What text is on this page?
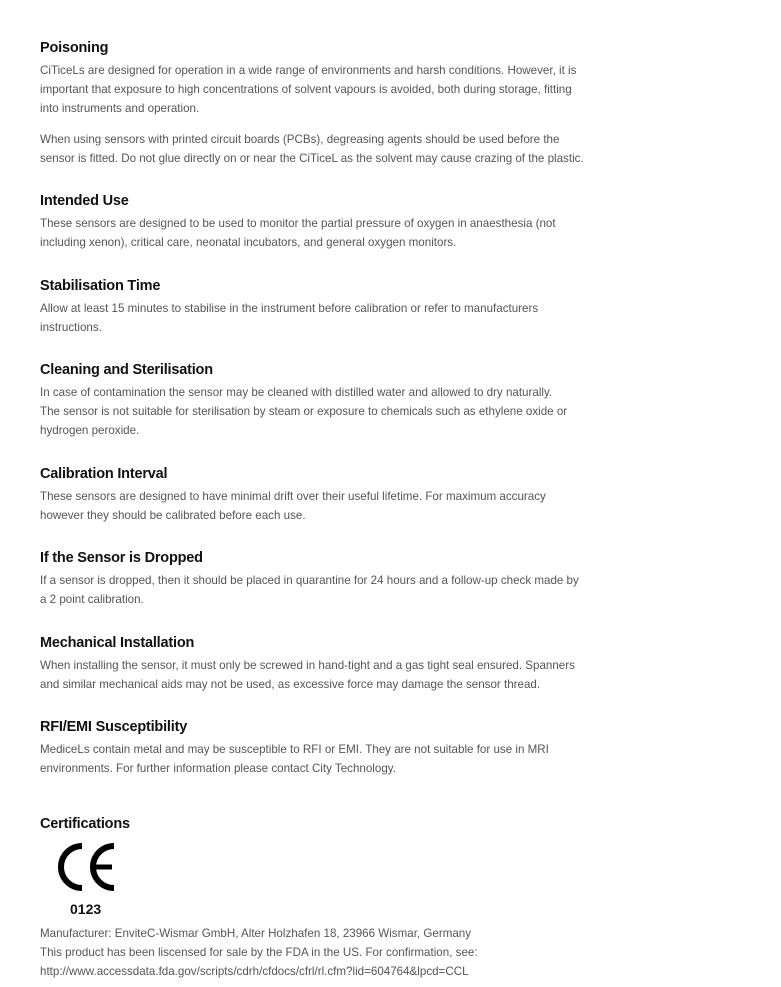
Poisoning
CiTiceLs are designed for operation in a wide range of environments and harsh conditions. However, it is
important that exposure to high concentrations of solvent vapours is avoided, both during storage, fitting
into instruments and operation.
When using sensors with printed circuit boards (PCBs), degreasing agents should be used before the
sensor is fitted. Do not glue directly on or near the CiTiceL as the solvent may cause crazing of the plastic.
Intended Use
These sensors are designed to be used to monitor the partial pressure of oxygen in anaesthesia (not
including xenon), critical care, neonatal incubators, and general oxygen monitors.
Stabilisation Time
Allow at least 15 minutes to stabilise in the instrument before calibration or refer to manufacturers
instructions.
Cleaning and Sterilisation
In case of contamination the sensor may be cleaned with distilled water and allowed to dry naturally.
The sensor is not suitable for sterilisation by steam or exposure to chemicals such as ethylene oxide or
hydrogen peroxide.
Calibration Interval
These sensors are designed to have minimal drift over their useful lifetime. For maximum accuracy
however they should be calibrated before each use.
If the Sensor is Dropped
If a sensor is dropped, then it should be placed in quarantine for 24 hours and a follow-up check made by
a 2 point calibration.
Mechanical Installation
When installing the sensor, it must only be screwed in hand-tight and a gas tight seal ensured. Spanners
and similar mechanical aids may not be used, as excessive force may damage the sensor thread.
RFI/EMI Susceptibility
MediceLs contain metal and may be susceptible to RFI or EMI. They are not suitable for use in MRI
environments. For further information please contact City Technology.
Certifications
0123
Manufacturer: EnviteC-Wismar GmbH, Alter Holzhafen 18, 23966 Wismar, Germany
This product has been liscensed for sale by the FDA in the US. For confirmation, see:
http://www.accessdata.fda.gov/scripts/cdrh/cfdocs/cfrl/rl.cfm?lid=604764&lpcd=CCL
